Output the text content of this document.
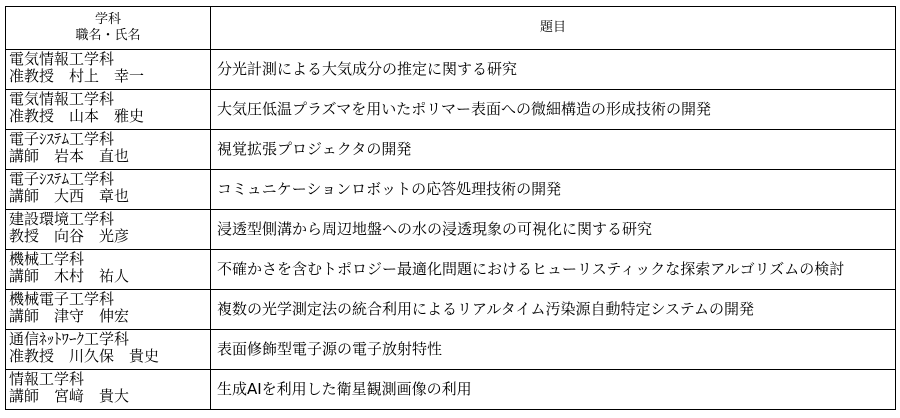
学科
職名・氏名	題目

電気情報工学科
准教授　村上　幸一	分光計測による大気成分の推定に関する研究

電気情報工学科
准教授　山本　雅史	大気圧低温プラズマを用いたポリマー表面への微細構造の形成技術の開発

電子ｼｽﾃﾑ工学科
講師　岩本　直也	視覚拡張プロジェクタの開発

電子ｼｽﾃﾑ工学科
講師　大西　章也	コミュニケーションロボットの応答処理技術の開発

建設環境工学科
教授　向谷　光彦	浸透型側溝から周辺地盤への水の浸透現象の可視化に関する研究

機械工学科
講師　木村　祐人	不確かさを含むトポロジー最適化問題におけるヒューリスティックな探索アルゴリズムの検討

機械電子工学科
講師　津守　伸宏	複数の光学測定法の統合利用によるリアルタイム汚染源自動特定システムの開発

通信ﾈｯﾄﾜｰｸ工学科
准教授　川久保　貴史	表面修飾型電子源の電子放射特性

情報工学科
講師　宮﨑　貴大	生成AIを利用した衛星観測画像の利用
